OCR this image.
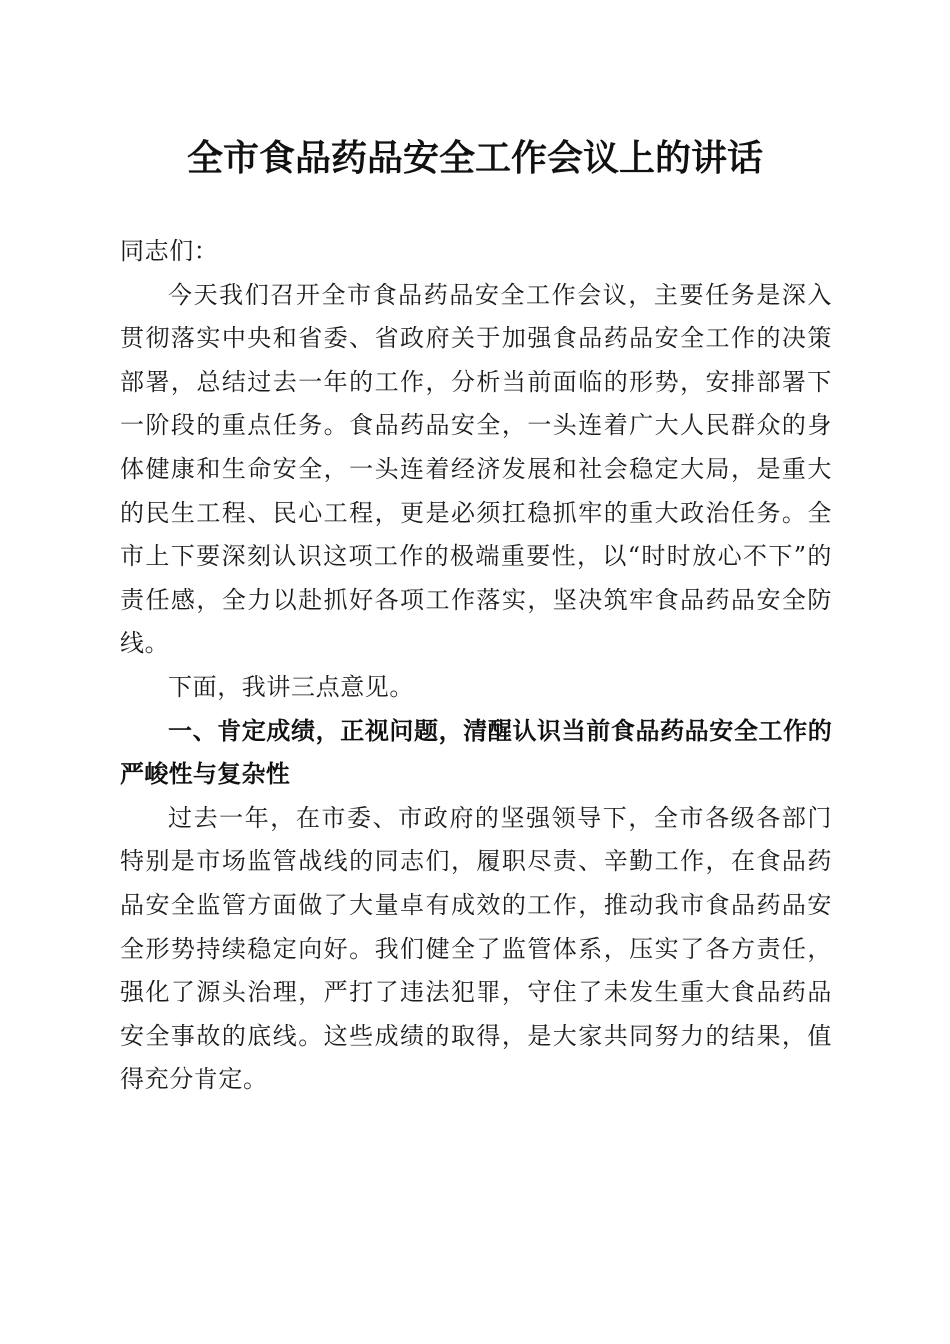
全市食品药品安全工作会议上的讲话

同志们：

今天我们召开全市食品药品安全工作会议，主要任务是深入贯彻落实中央和省委、省政府关于加强食品药品安全工作的决策部署，总结过去一年的工作，分析当前面临的形势，安排部署下一阶段的重点任务。食品药品安全，一头连着广大人民群众的身体健康和生命安全，一头连着经济发展和社会稳定大局，是重大的民生工程、民心工程，更是必须扛稳抓牢的重大政治任务。全市上下要深刻认识这项工作的极端重要性，以“时时放心不下”的责任感，全力以赴抓好各项工作落实，坚决筑牢食品药品安全防线。

下面，我讲三点意见。

一、肯定成绩，正视问题，清醒认识当前食品药品安全工作的严峻性与复杂性

过去一年，在市委、市政府的坚强领导下，全市各级各部门特别是市场监管战线的同志们，履职尽责、辛勤工作，在食品药品安全监管方面做了大量卓有成效的工作，推动我市食品药品安全形势持续稳定向好。我们健全了监管体系，压实了各方责任，强化了源头治理，严打了违法犯罪，守住了未发生重大食品药品安全事故的底线。这些成绩的取得，是大家共同努力的结果，值得充分肯定。
